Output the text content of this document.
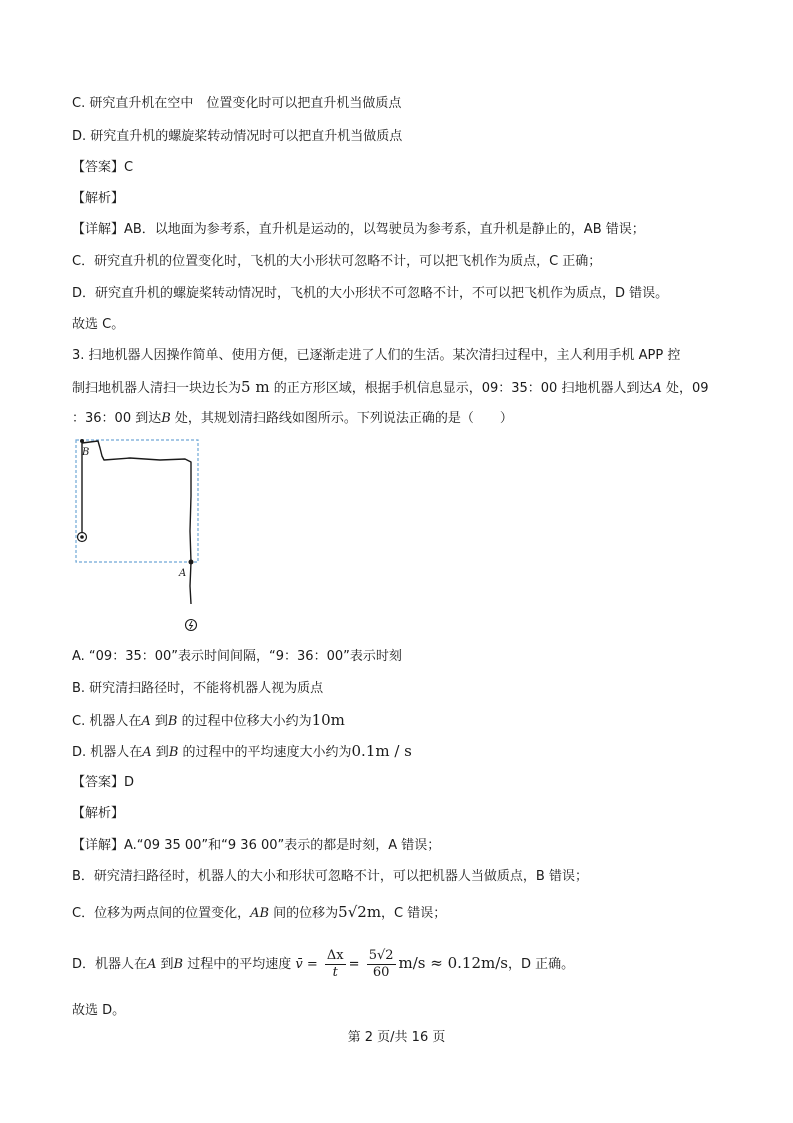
C. 研究直升机在空中　位置变化时可以把直升机当做质点
D. 研究直升机的螺旋桨转动情况时可以把直升机当做质点
【答案】C
【解析】
【详解】AB．以地面为参考系，直升机是运动的，以驾驶员为参考系，直升机是静止的，AB 错误；
C．研究直升机的位置变化时，飞机的大小形状可忽略不计，可以把飞机作为质点，C 正确；
D．研究直升机的螺旋桨转动情况时，飞机的大小形状不可忽略不计，不可以把飞机作为质点，D 错误。
故选 C。
3. 扫地机器人因操作简单、使用方便，已逐渐走进了人们的生活。某次清扫过程中，主人利用手机 APP 控
制扫地机器人清扫一块边长为5 m 的正方形区域，根据手机信息显示，09：35：00 扫地机器人到达A 处，09
：36：00 到达B 处，其规划清扫路线如图所示。下列说法正确的是（　　）
B
A
A. “09：35：00”表示时间间隔，“9：36：00”表示时刻
B. 研究清扫路径时，不能将机器人视为质点
C. 机器人在A 到B 的过程中位移大小约为10m
D. 机器人在A 到B 的过程中的平均速度大小约为0.1m / s
【答案】D
【解析】
【详解】A.“09 35 00”和“9 36 00”表示的都是时刻，A 错误；
B．研究清扫路径时，机器人的大小和形状可忽略不计，可以把机器人当做质点，B 错误；
C．位移为两点间的位置变化，AB 间的位移为5√2m，C 错误；
D．机器人在A 到B 过程中的平均速度 v̄ = $\frac{\Delta x}{t} = \frac{5√2}{60} m/s \approx 0.12m/s$，D 正确。
故选 D。
第 2 页/共 16 页
